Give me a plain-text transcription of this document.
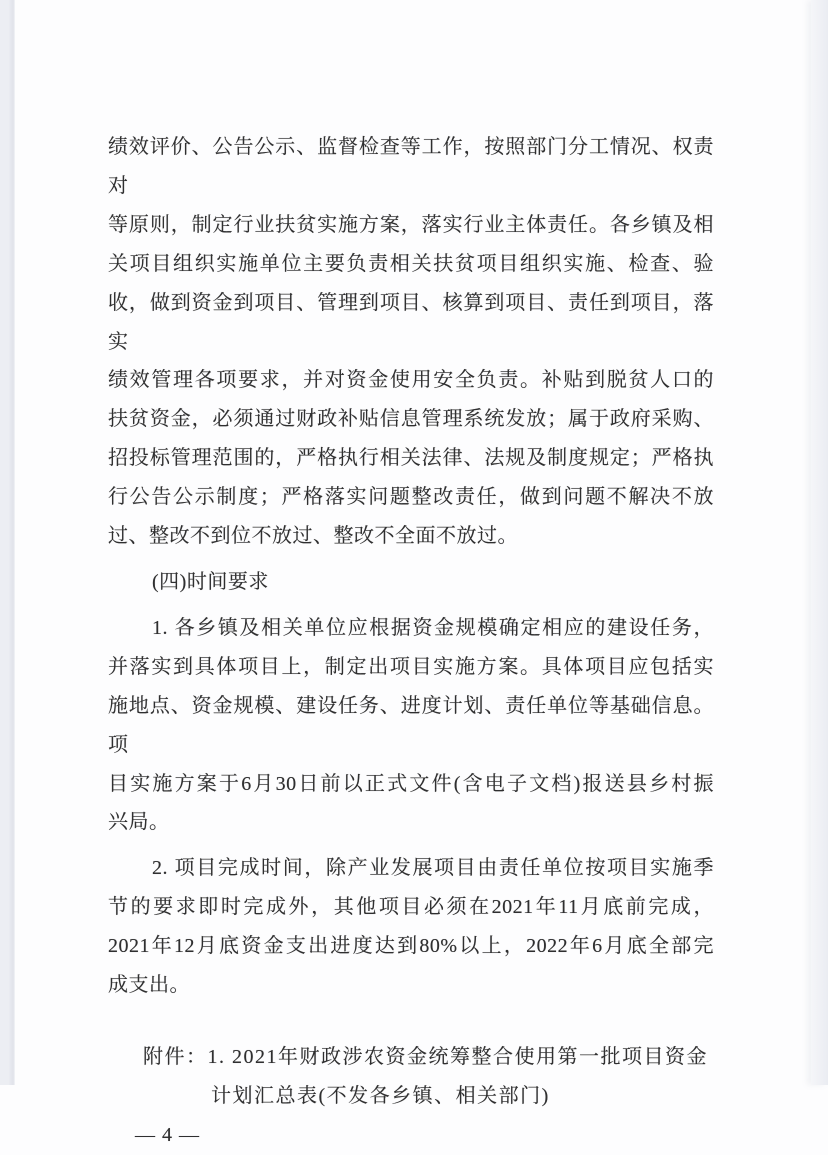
绩效评价、公告公示、监督检查等工作，按照部门分工情况、权责对
等原则，制定行业扶贫实施方案，落实行业主体责任。各乡镇及相
关项目组织实施单位主要负责相关扶贫项目组织实施、检查、验
收，做到资金到项目、管理到项目、核算到项目、责任到项目，落实
绩效管理各项要求，并对资金使用安全负责。补贴到脱贫人口的
扶贫资金，必须通过财政补贴信息管理系统发放；属于政府采购、
招投标管理范围的，严格执行相关法律、法规及制度规定；严格执
行公告公示制度；严格落实问题整改责任，做到问题不解决不放
过、整改不到位不放过、整改不全面不放过。
(四)时间要求
1. 各乡镇及相关单位应根据资金规模确定相应的建设任务，
并落实到具体项目上，制定出项目实施方案。具体项目应包括实
施地点、资金规模、建设任务、进度计划、责任单位等基础信息。项
目实施方案于6月30日前以正式文件(含电子文档)报送县乡村振
兴局。
2. 项目完成时间，除产业发展项目由责任单位按项目实施季
节的要求即时完成外，其他项目必须在2021年11月底前完成，
2021年12月底资金支出进度达到80%以上，2022年6月底全部完
成支出。
附件：1. 2021年财政涉农资金统筹整合使用第一批项目资金
计划汇总表(不发各乡镇、相关部门)
— 4 —
